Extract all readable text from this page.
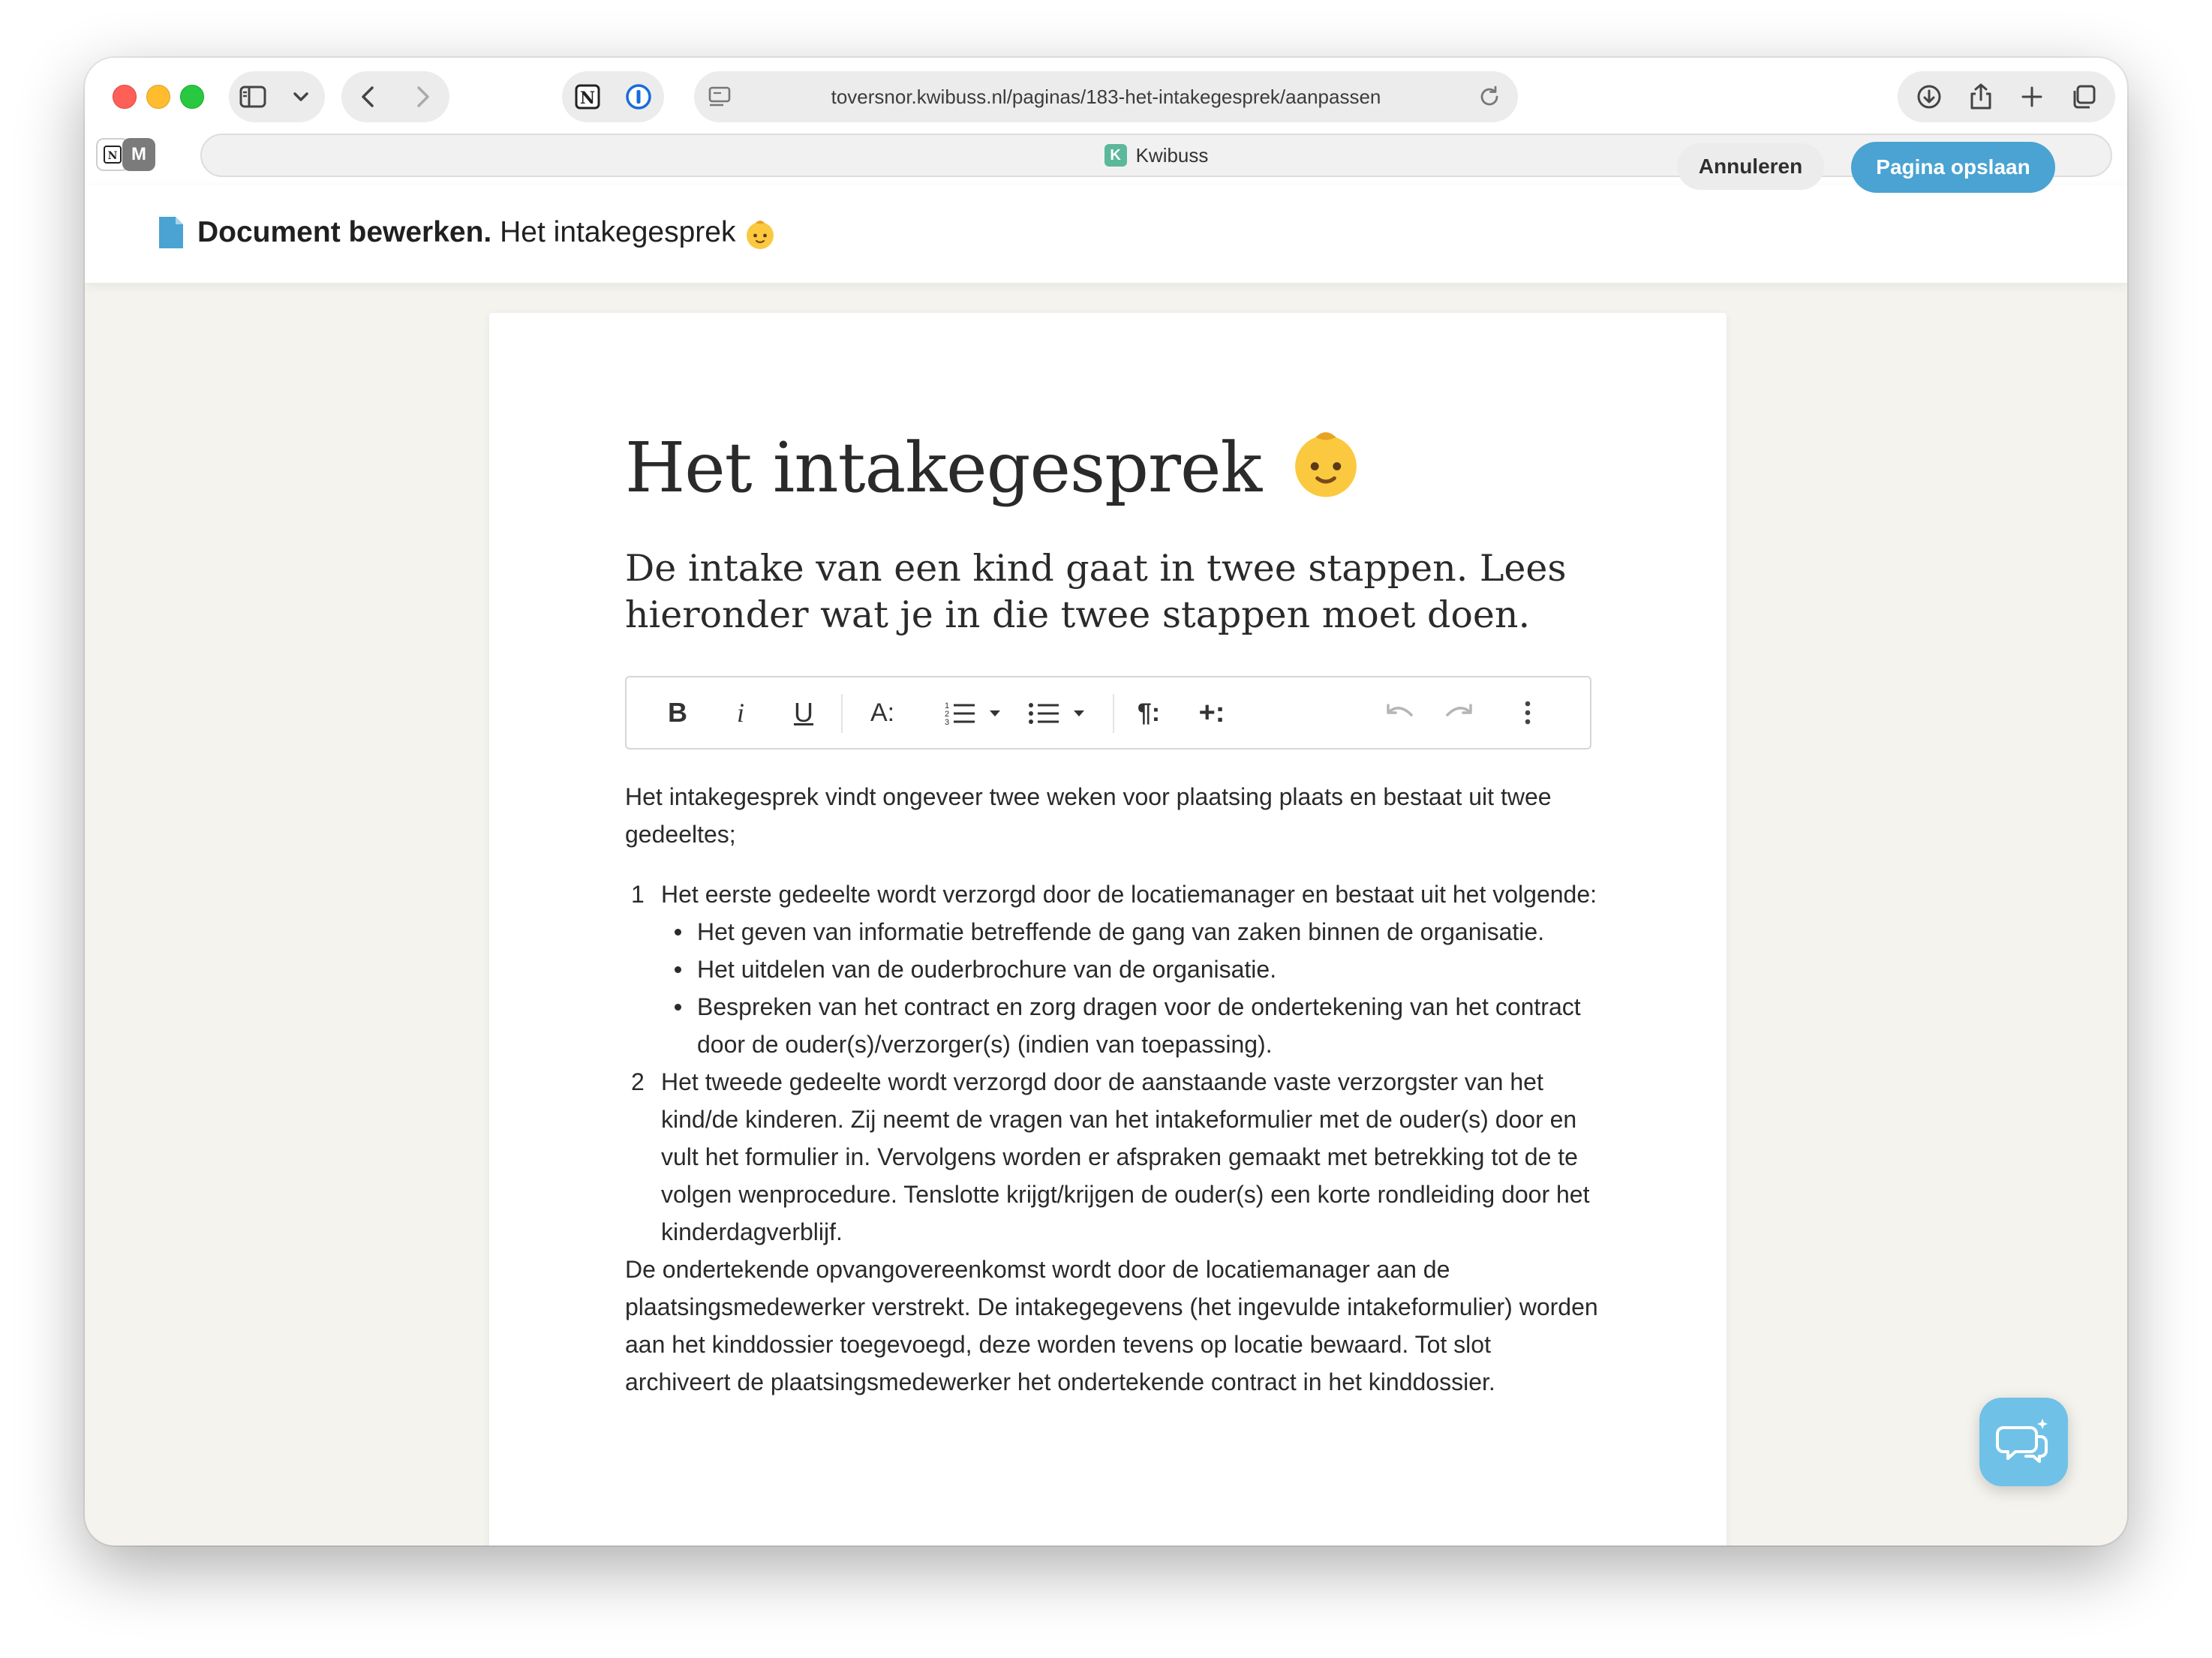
N	toversnor.kwibuss.nl/paginas/183-het-intakegesprek/aanpassen
N M	K Kwibuss
Document bewerken. Het intakegesprek
Annuleren	Pagina opslaan
Het intakegesprek
De intake van een kind gaat in twee stappen. Lees hieronder wat je in die twee stappen moet doen.
B	i	U	A:	1
2
3	¶:	+:

Het intakegesprek vindt ongeveer twee weken voor plaatsing plaats en bestaat uit twee gedeeltes;

1 Het eerste gedeelte wordt verzorgd door de locatiemanager en bestaat uit het volgende:
Het geven van informatie betreffende de gang van zaken binnen de organisatie.
Het uitdelen van de ouderbrochure van de organisatie.
Bespreken van het contract en zorg dragen voor de ondertekening van het contract door de ouder(s)/verzorger(s) (indien van toepassing).
2 Het tweede gedeelte wordt verzorgd door de aanstaande vaste verzorgster van het kind/de kinderen. Zij neemt de vragen van het intakeformulier met de ouder(s) door en vult het formulier in. Vervolgens worden er afspraken gemaakt met betrekking tot de te volgen wenprocedure. Tenslotte krijgt/krijgen de ouder(s) een korte rondleiding door het kinderdagverblijf.

De ondertekende opvangovereenkomst wordt door de locatiemanager aan de plaatsingsmedewerker verstrekt. De intakegegevens (het ingevulde intakeformulier) worden aan het kinddossier toegevoegd, deze worden tevens op locatie bewaard. Tot slot archiveert de plaatsingsmedewerker het ondertekende contract in het kinddossier.
